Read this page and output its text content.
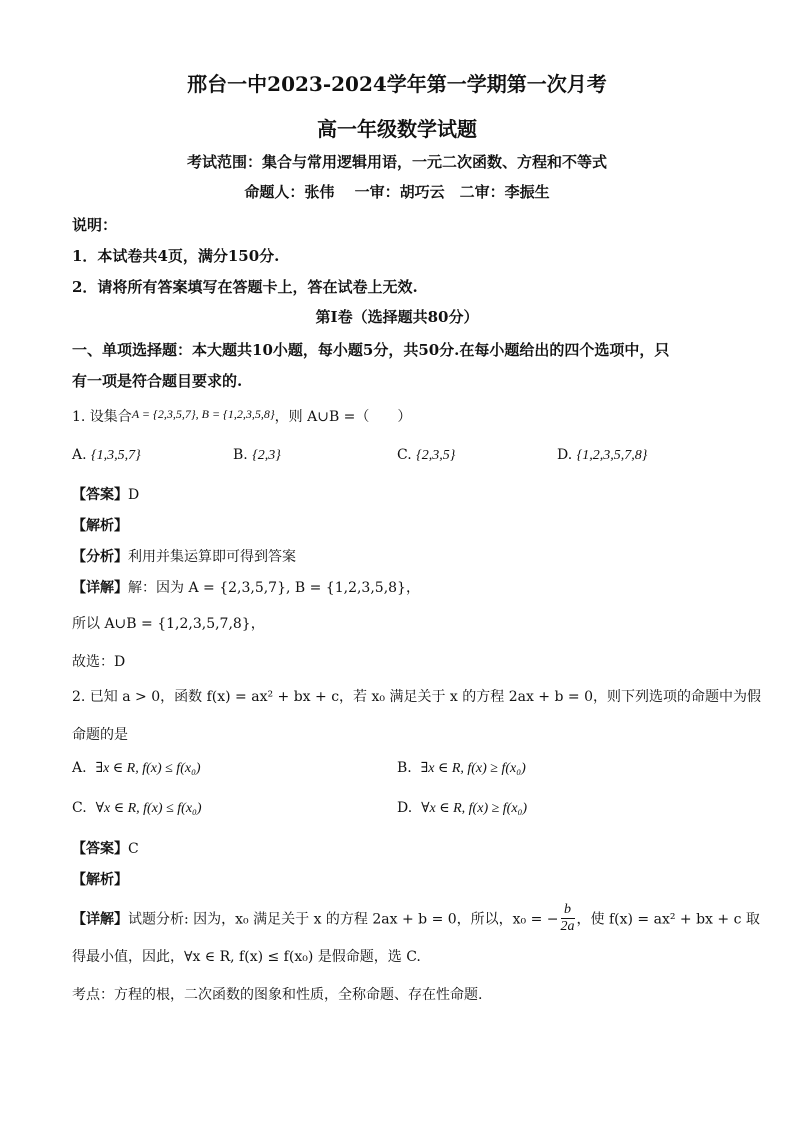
邢台一中2023-2024学年第一学期第一次月考
高一年级数学试题
考试范围：集合与常用逻辑用语，一元二次函数、方程和不等式
命题人：张伟　 一审：胡巧云　二审：李振生
说明：
1．本试卷共4页，满分150分.
2．请将所有答案填写在答题卡上，答在试卷上无效.
第Ⅰ卷（选择题共80分）
一、单项选择题：本大题共10小题，每小题5分，共50分.在每小题给出的四个选项中，只
有一项是符合题目要求的.
1. 设集合A = {2,3,5,7}, B = {1,2,3,5,8}，则 A∪B =（　　）
A. {1,3,5,7}	B. {2,3}	C. {2,3,5}	D. {1,2,3,5,7,8}
【答案】D
【解析】
【分析】利用并集运算即可得到答案
【详解】解：因为 A = {2,3,5,7}, B = {1,2,3,5,8}，
所以 A∪B = {1,2,3,5,7,8}，
故选：D
2. 已知 a > 0，函数 f(x) = ax² + bx + c，若 x₀ 满足关于 x 的方程 2ax + b = 0，则下列选项的命题中为假
命题的是
A. ∃x ∈ R, f(x) ≤ f(x₀)	B. ∃x ∈ R, f(x) ≥ f(x₀)
C. ∀x ∈ R, f(x) ≤ f(x₀)	D. ∀x ∈ R, f(x) ≥ f(x₀)
【答案】C
【解析】
【详解】试题分析: 因为，x₀ 满足关于 x 的方程 2ax + b = 0，所以，x₀ = − $\frac{b}{2a}$ ，使 f(x) = ax² + bx + c 取
得最小值，因此，∀x ∈ R, f(x) ≤ f(x₀) 是假命题，选 C.
考点：方程的根，二次函数的图象和性质，全称命题、存在性命题.
